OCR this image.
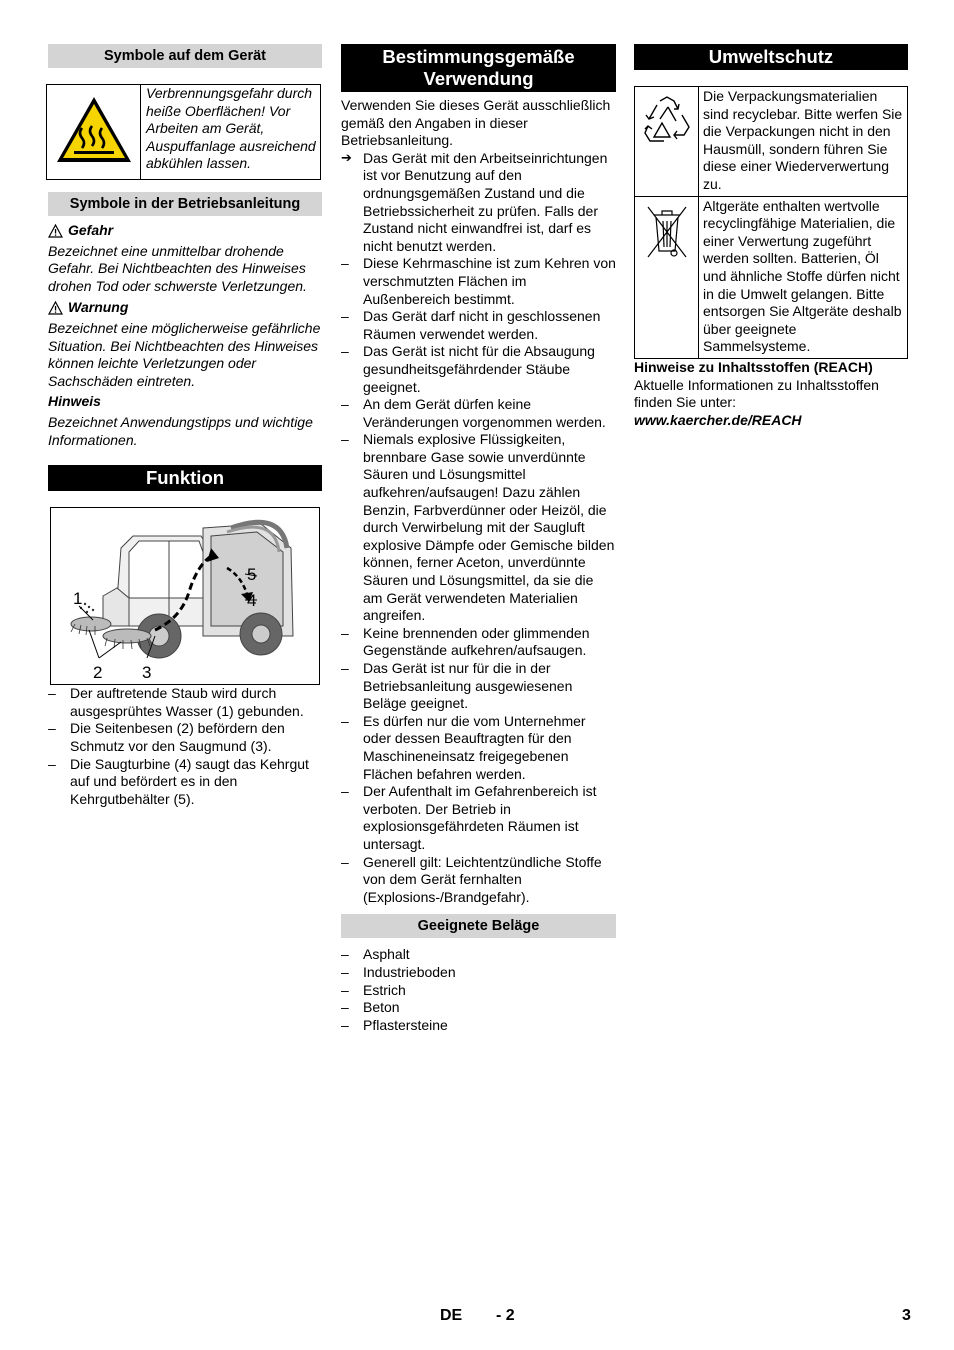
Symbole auf dem Gerät

Verbrennungsgefahr durch heiße Oberflächen! Vor Arbeiten am Gerät, Auspuffanlage ausreichend abkühlen lassen.

Symbole in der Betriebsanleitung
Gefahr

Bezeichnet eine unmittelbar drohende Gefahr. Bei Nichtbeachten des Hinweises drohen Tod oder schwerste Verletzungen.

Warnung

Bezeichnet eine möglicherweise gefährliche Situation. Bei Nichtbeachten des Hinweises können leichte Verletzungen oder Sachschäden eintreten.

Hinweis

Bezeichnet Anwendungstipps und wichtige Informationen.

Funktion
1
2 3
4
5
– Der auftretende Staub wird durch ausgesprühtes Wasser (1) gebunden.
– Die Seitenbesen (2) befördern den Schmutz vor den Saugmund (3).
– Die Saugturbine (4) saugt das Kehrgut auf und befördert es in den Kehrgutbehälter (5).
Bestimmungsgemäße Verwendung

Verwenden Sie dieses Gerät ausschließlich gemäß den Angaben in dieser Betriebsanleitung.

➔ Das Gerät mit den Arbeitseinrichtungen ist vor Benutzung auf den ordnungsgemäßen Zustand und die Betriebssicherheit zu prüfen. Falls der Zustand nicht einwandfrei ist, darf es nicht benutzt werden.
– Diese Kehrmaschine ist zum Kehren von verschmutzten Flächen im Außenbereich bestimmt.
– Das Gerät darf nicht in geschlossenen Räumen verwendet werden.
– Das Gerät ist nicht für die Absaugung gesundheitsgefährdender Stäube geeignet.
– An dem Gerät dürfen keine Veränderungen vorgenommen werden.
– Niemals explosive Flüssigkeiten, brennbare Gase sowie unverdünnte Säuren und Lösungsmittel aufkehren/aufsaugen! Dazu zählen Benzin, Farbverdünner oder Heizöl, die durch Verwirbelung mit der Saugluft explosive Dämpfe oder Gemische bilden können, ferner Aceton, unverdünnte Säuren und Lösungsmittel, da sie die am Gerät verwendeten Materialien angreifen.
– Keine brennenden oder glimmenden Gegenstände aufkehren/aufsaugen.
– Das Gerät ist nur für die in der Betriebsanleitung ausgewiesenen Beläge geeignet.
– Es dürfen nur die vom Unternehmer oder dessen Beauftragten für den Maschineneinsatz freigegebenen Flächen befahren werden.
– Der Aufenthalt im Gefahrenbereich ist verboten. Der Betrieb in explosionsgefährdeten Räumen ist untersagt.
– Generell gilt: Leichtentzündliche Stoffe von dem Gerät fernhalten (Explosions-/Brandgefahr).
Geeignete Beläge
– Asphalt
– Industrieboden
– Estrich
– Beton
– Pflastersteine
Umweltschutz

Die Verpackungsmaterialien sind recyclebar. Bitte werfen Sie die Verpackungen nicht in den Hausmüll, sondern führen Sie diese einer Wiederverwertung zu.

Altgeräte enthalten wertvolle recyclingfähige Materialien, die einer Verwertung zugeführt werden sollten. Batterien, Öl und ähnliche Stoffe dürfen nicht in die Umwelt gelangen. Bitte entsorgen Sie Altgeräte deshalb über geeignete Sammelsysteme.

Hinweise zu Inhaltsstoffen (REACH)

Aktuelle Informationen zu Inhaltsstoffen finden Sie unter:

www.kaercher.de/REACH

DE - 2	3
